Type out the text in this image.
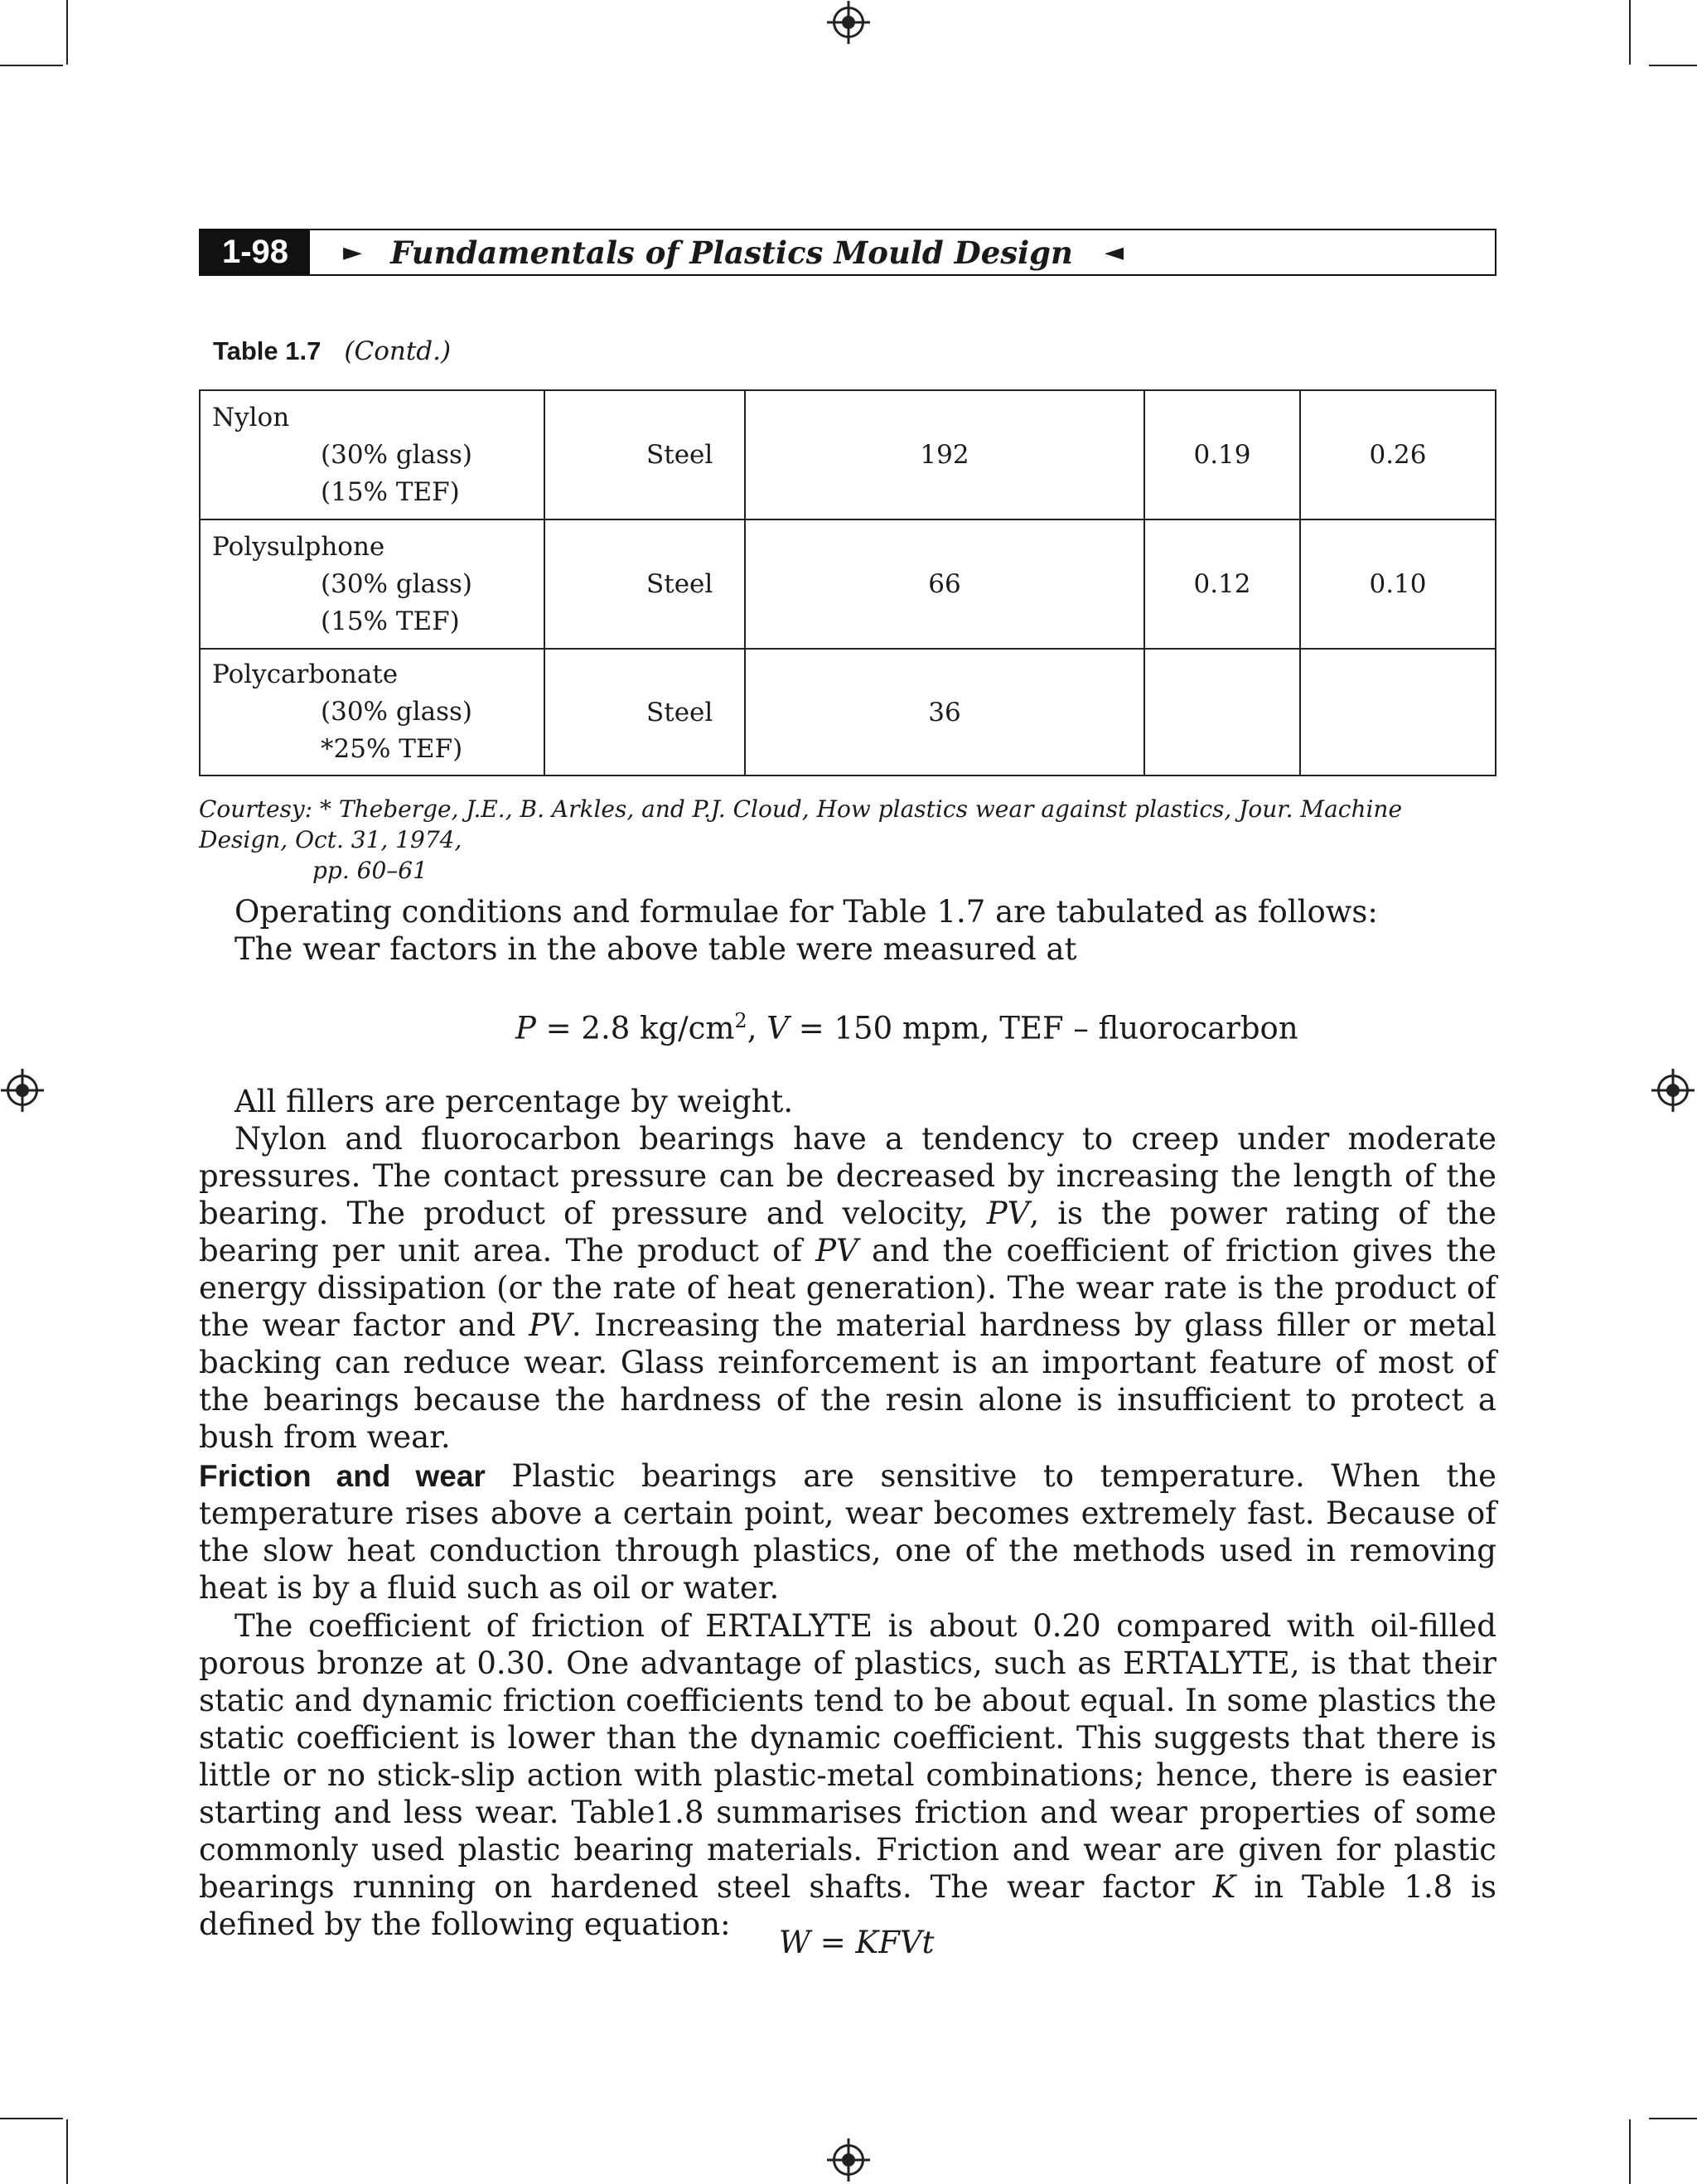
1-98	► Fundamentals of Plastics Mould Design ◄
Table 1.7 (Contd.)
Nylon
(30% glass)
(15% TEF)	Steel	192	0.19	0.26

Polysulphone
(30% glass)
(15% TEF)	Steel	66	0.12	0.10

Polycarbonate
(30% glass)
*25% TEF)	Steel	36		
Courtesy: * Theberge, J.E., B. Arkles, and P.J. Cloud, How plastics wear against plastics, Jour. Machine Design, Oct. 31, 1974,
pp. 60–61
Operating conditions and formulae for Table 1.7 are tabulated as follows:
The wear factors in the above table were measured at
P = 2.8 $kg/cm^2$, V = 150 mpm, TEF – fluorocarbon
All fillers are percentage by weight.
Nylon and fluorocarbon bearings have a tendency to creep under moderate pressures. The contact pressure can be decreased by increasing the length of the bearing. The product of pressure and velocity, PV, is the power rating of the bearing per unit area. The product of PV and the coefficient of friction gives the energy dissipation (or the rate of heat generation). The wear rate is the product of the wear factor and PV. Increasing the material hardness by glass filler or metal backing can reduce wear. Glass reinforcement is an important feature of most of the bearings because the hardness of the resin alone is insufficient to protect a bush from wear.
Friction and wear Plastic bearings are sensitive to temperature. When the temperature rises above a certain point, wear becomes extremely fast. Because of the slow heat conduction through plastics, one of the methods used in removing heat is by a fluid such as oil or water.
The coefficient of friction of ERTALYTE is about 0.20 compared with oil-filled porous bronze at 0.30. One advantage of plastics, such as ERTALYTE, is that their static and dynamic friction coefficients tend to be about equal. In some plastics the static coefficient is lower than the dynamic coefficient. This suggests that there is little or no stick-slip action with plastic-metal combinations; hence, there is easier starting and less wear. Table1.8 summarises friction and wear properties of some commonly used plastic bearing materials. Friction and wear are given for plastic bearings running on hardened steel shafts. The wear factor K in Table 1.8 is defined by the following equation:
W = KFVt
